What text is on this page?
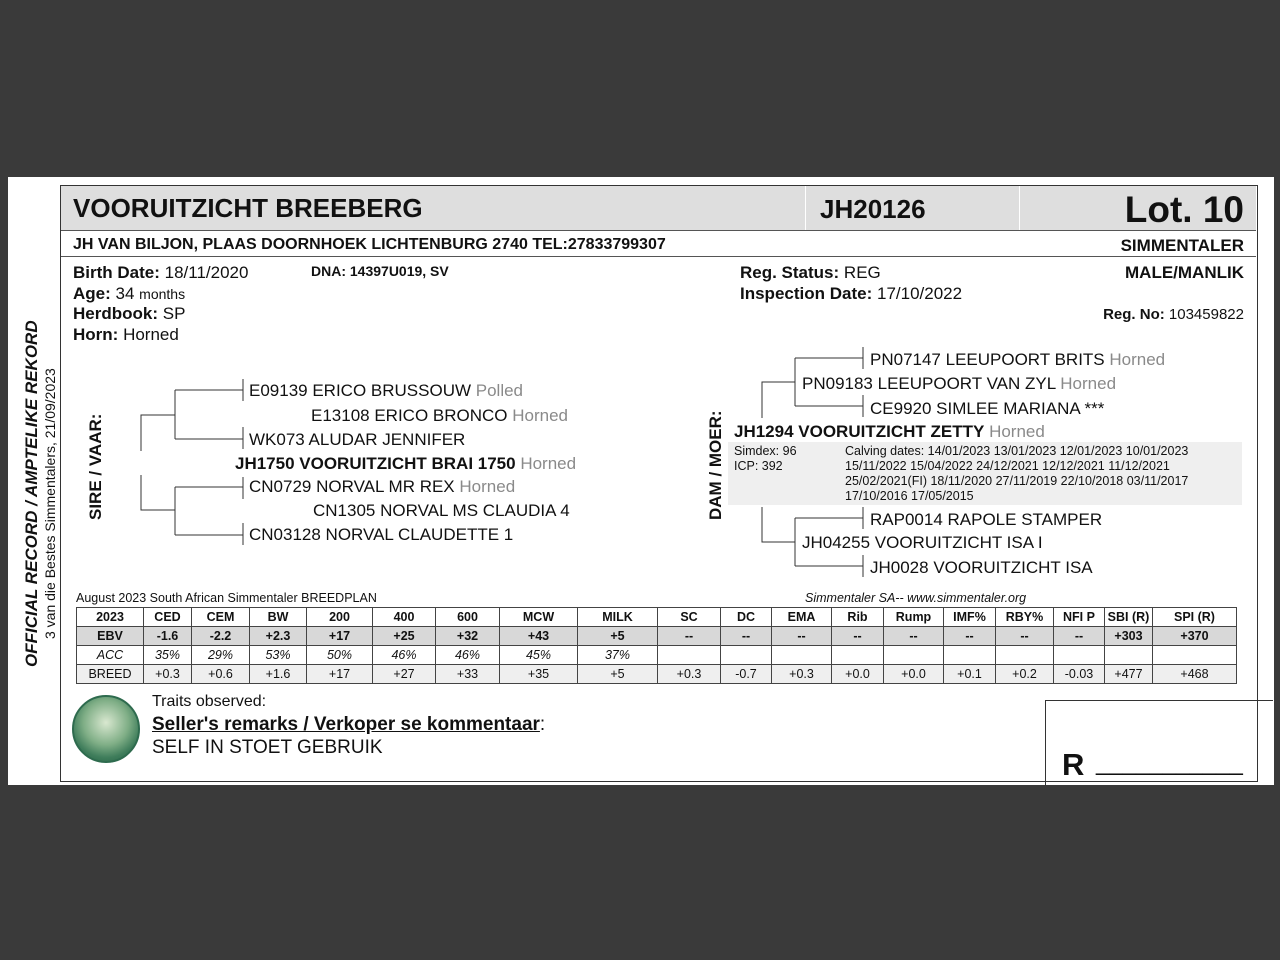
VOORUITZICHT BREEBERG	JH20126	Lot. 10
JH VAN BILJON, PLAAS DOORNHOEK LICHTENBURG 2740 TEL:27833799307	SIMMENTALER
OFFICIAL RECORD / AMPTELIKE REKORD 3 van die Bestes Simmentalers, 21/09/2023
Birth Date: 18/11/2020	DNA: 14397U019, SV
Age: 34 months
Herdbook: SP
Horn: Horned
Reg. Status: REG
Inspection Date: 17/10/2022
MALE/MANLIK
Reg. No: 103459822
SIRE / VAAR:
E09139 ERICO BRUSSOUW Polled
E13108 ERICO BRONCO Horned
WK073 ALUDAR JENNIFER
JH1750 VOORUITZICHT BRAI 1750 Horned
CN0729 NORVAL MR REX Horned
CN1305 NORVAL MS CLAUDIA 4
CN03128 NORVAL CLAUDETTE 1
DAM / MOER:
PN07147 LEEUPOORT BRITS Horned
PN09183 LEEUPOORT VAN ZYL Horned
CE9920 SIMLEE MARIANA ***
JH1294 VOORUITZICHT ZETTY Horned
Simdex: 96
ICP: 392
Calving dates: 14/01/2023 13/01/2023 12/01/2023 10/01/2023
15/11/2022 15/04/2022 24/12/2021 12/12/2021 11/12/2021
25/02/2021(FI) 18/11/2020 27/11/2019 22/10/2018 03/11/2017
17/10/2016 17/05/2015
RAP0014 RAPOLE STAMPER
JH04255 VOORUITZICHT ISA I
JH0028 VOORUITZICHT ISA
August 2023 South African Simmentaler BREEDPLAN	Simmentaler SA-- www.simmentaler.org
2023	CED	CEM	BW	200	400	600	MCW	MILK	SC	DC	EMA	Rib	Rump	IMF%	RBY%	NFI P	SBI (R)	SPI (R)
EBV	-1.6	-2.2	+2.3	+17	+25	+32	+43	+5	--	--	--	--	--	--	--	--	+303	+370
ACC	35%	29%	53%	50%	46%	46%	45%	37%										
BREED	+0.3	+0.6	+1.6	+17	+27	+33	+35	+5	+0.3	-0.7	+0.3	+0.0	+0.0	+0.1	+0.2	-0.03	+477	+468
Traits observed:
Seller's remarks / Verkoper se kommentaar:
SELF IN STOET GEBRUIK	R ___________
